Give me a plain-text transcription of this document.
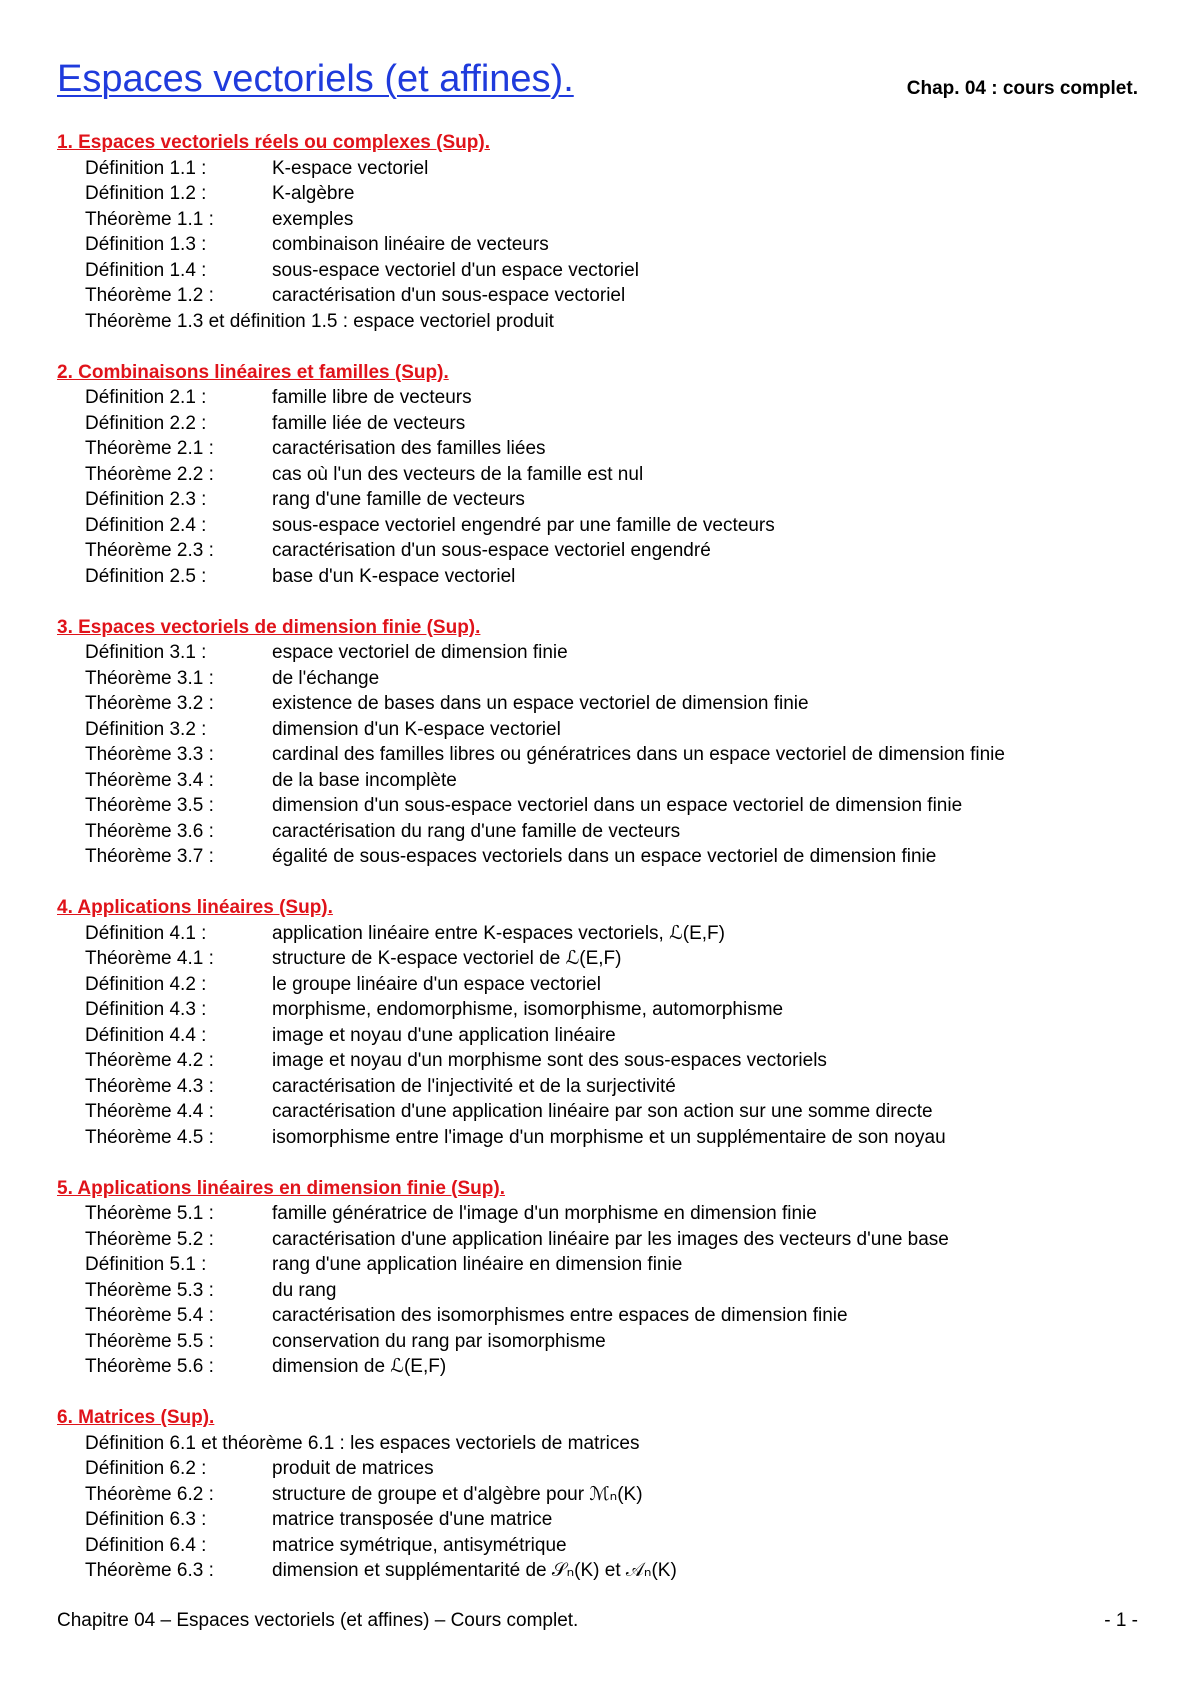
Espaces vectoriels (et affines).	Chap. 04 : cours complet.
1. Espaces vectoriels réels ou complexes (Sup).
Définition 1.1 :	K-espace vectoriel
Définition 1.2 :	K-algèbre
Théorème 1.1 :	exemples
Définition 1.3 :	combinaison linéaire de vecteurs
Définition 1.4 :	sous-espace vectoriel d'un espace vectoriel
Théorème 1.2 :	caractérisation d'un sous-espace vectoriel
Théorème 1.3 et définition 1.5 : espace vectoriel produit
2. Combinaisons linéaires et familles (Sup).
Définition 2.1 :	famille libre de vecteurs
Définition 2.2 :	famille liée de vecteurs
Théorème 2.1 :	caractérisation des familles liées
Théorème 2.2 :	cas où l'un des vecteurs de la famille est nul
Définition 2.3 :	rang d'une famille de vecteurs
Définition 2.4 :	sous-espace vectoriel engendré par une famille de vecteurs
Théorème 2.3 :	caractérisation d'un sous-espace vectoriel engendré
Définition 2.5 :	base d'un K-espace vectoriel
3. Espaces vectoriels de dimension finie (Sup).
Définition 3.1 :	espace vectoriel de dimension finie
Théorème 3.1 :	de l'échange
Théorème 3.2 :	existence de bases dans un espace vectoriel de dimension finie
Définition 3.2 :	dimension d'un K-espace vectoriel
Théorème 3.3 :	cardinal des familles libres ou génératrices dans un espace vectoriel de dimension finie
Théorème 3.4 :	de la base incomplète
Théorème 3.5 :	dimension d'un sous-espace vectoriel dans un espace vectoriel de dimension finie
Théorème 3.6 :	caractérisation du rang d'une famille de vecteurs
Théorème 3.7 :	égalité de sous-espaces vectoriels dans un espace vectoriel de dimension finie
4. Applications linéaires (Sup).
Définition 4.1 :	application linéaire entre K-espaces vectoriels, ℒ(E,F)
Théorème 4.1 :	structure de K-espace vectoriel de ℒ(E,F)
Définition 4.2 :	le groupe linéaire d'un espace vectoriel
Définition 4.3 :	morphisme, endomorphisme, isomorphisme, automorphisme
Définition 4.4 :	image et noyau d'une application linéaire
Théorème 4.2 :	image et noyau d'un morphisme sont des sous-espaces vectoriels
Théorème 4.3 :	caractérisation de l'injectivité et de la surjectivité
Théorème 4.4 :	caractérisation d'une application linéaire par son action sur une somme directe
Théorème 4.5 :	isomorphisme entre l'image d'un morphisme et un supplémentaire de son noyau
5. Applications linéaires en dimension finie (Sup).
Théorème 5.1 :	famille génératrice de l'image d'un morphisme en dimension finie
Théorème 5.2 :	caractérisation d'une application linéaire par les images des vecteurs d'une base
Définition 5.1 :	rang d'une application linéaire en dimension finie
Théorème 5.3 :	du rang
Théorème 5.4 :	caractérisation des isomorphismes entre espaces de dimension finie
Théorème 5.5 :	conservation du rang par isomorphisme
Théorème 5.6 :	dimension de ℒ(E,F)
6. Matrices (Sup).
Définition 6.1 et théorème 6.1 : les espaces vectoriels de matrices
Définition 6.2 :	produit de matrices
Théorème 6.2 :	structure de groupe et d'algèbre pour ℳₙ(K)
Définition 6.3 :	matrice transposée d'une matrice
Définition 6.4 :	matrice symétrique, antisymétrique
Théorème 6.3 :	dimension et supplémentarité de 𝒮ₙ(K) et 𝒜ₙ(K)
Chapitre 04 – Espaces vectoriels (et affines) – Cours complet.	- 1 -
